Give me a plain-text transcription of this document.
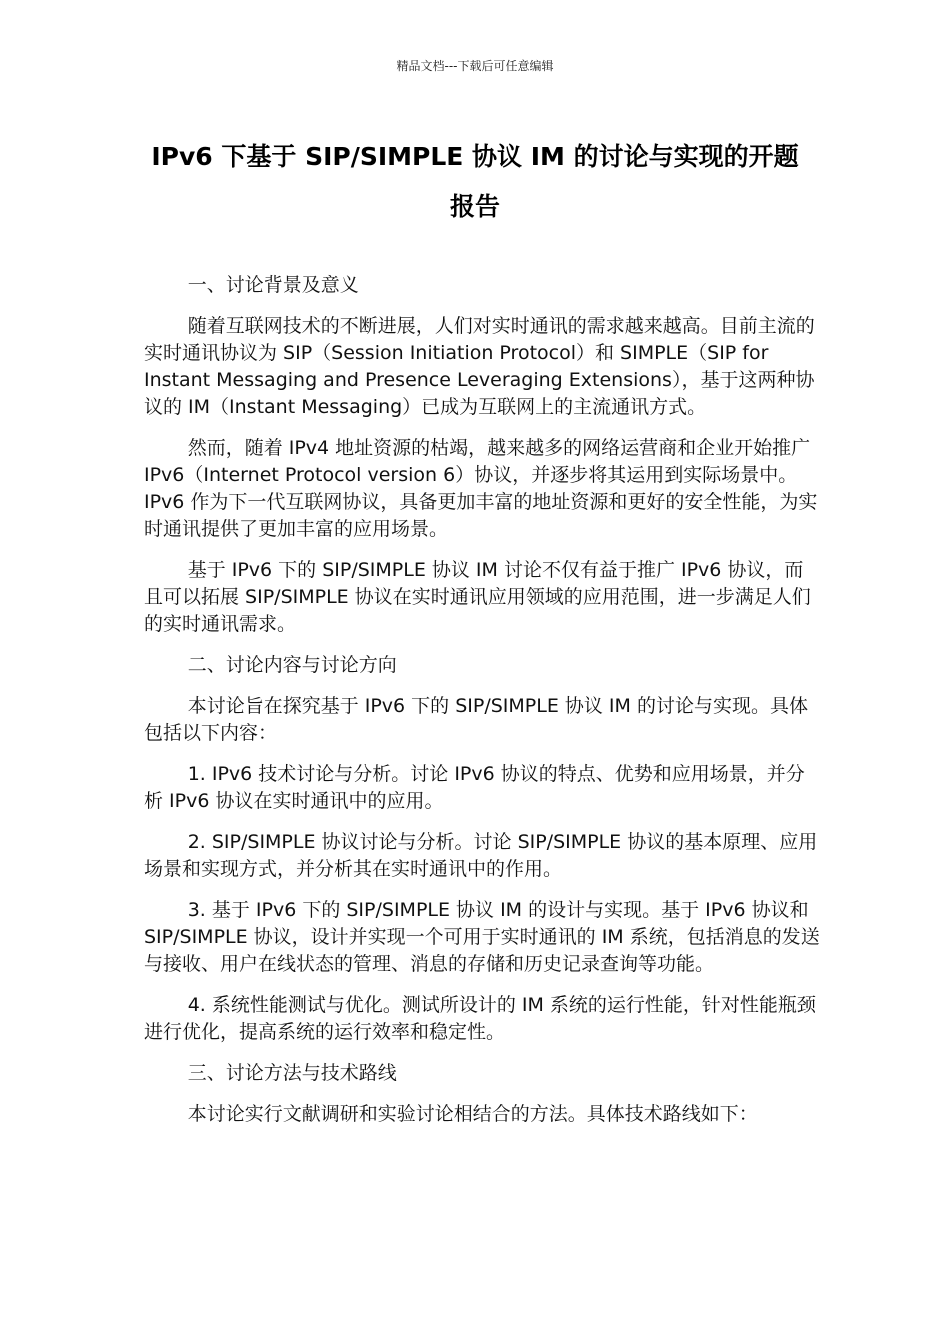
精品文档---下载后可任意编辑
IPv6 下基于 SIP/SIMPLE 协议 IM 的讨论与实现的开题报告

一、讨论背景及意义

随着互联网技术的不断进展，人们对实时通讯的需求越来越高。目前主流的实时通讯协议为 SIP（Session Initiation Protocol）和 SIMPLE（SIP for Instant Messaging and Presence Leveraging Extensions），基于这两种协议的 IM（Instant Messaging）已成为互联网上的主流通讯方式。

然而，随着 IPv4 地址资源的枯竭，越来越多的网络运营商和企业开始推广 IPv6（Internet Protocol version 6）协议，并逐步将其运用到实际场景中。IPv6 作为下一代互联网协议，具备更加丰富的地址资源和更好的安全性能，为实时通讯提供了更加丰富的应用场景。

基于 IPv6 下的 SIP/SIMPLE 协议 IM 讨论不仅有益于推广 IPv6 协议，而且可以拓展 SIP/SIMPLE 协议在实时通讯应用领域的应用范围，进一步满足人们的实时通讯需求。

二、讨论内容与讨论方向

本讨论旨在探究基于 IPv6 下的 SIP/SIMPLE 协议 IM 的讨论与实现。具体包括以下内容：

1. IPv6 技术讨论与分析。讨论 IPv6 协议的特点、优势和应用场景，并分析 IPv6 协议在实时通讯中的应用。

2. SIP/SIMPLE 协议讨论与分析。讨论 SIP/SIMPLE 协议的基本原理、应用场景和实现方式，并分析其在实时通讯中的作用。

3. 基于 IPv6 下的 SIP/SIMPLE 协议 IM 的设计与实现。基于 IPv6 协议和 SIP/SIMPLE 协议，设计并实现一个可用于实时通讯的 IM 系统，包括消息的发送与接收、用户在线状态的管理、消息的存储和历史记录查询等功能。

4. 系统性能测试与优化。测试所设计的 IM 系统的运行性能，针对性能瓶颈进行优化，提高系统的运行效率和稳定性。

三、讨论方法与技术路线

本讨论实行文献调研和实验讨论相结合的方法。具体技术路线如下：
